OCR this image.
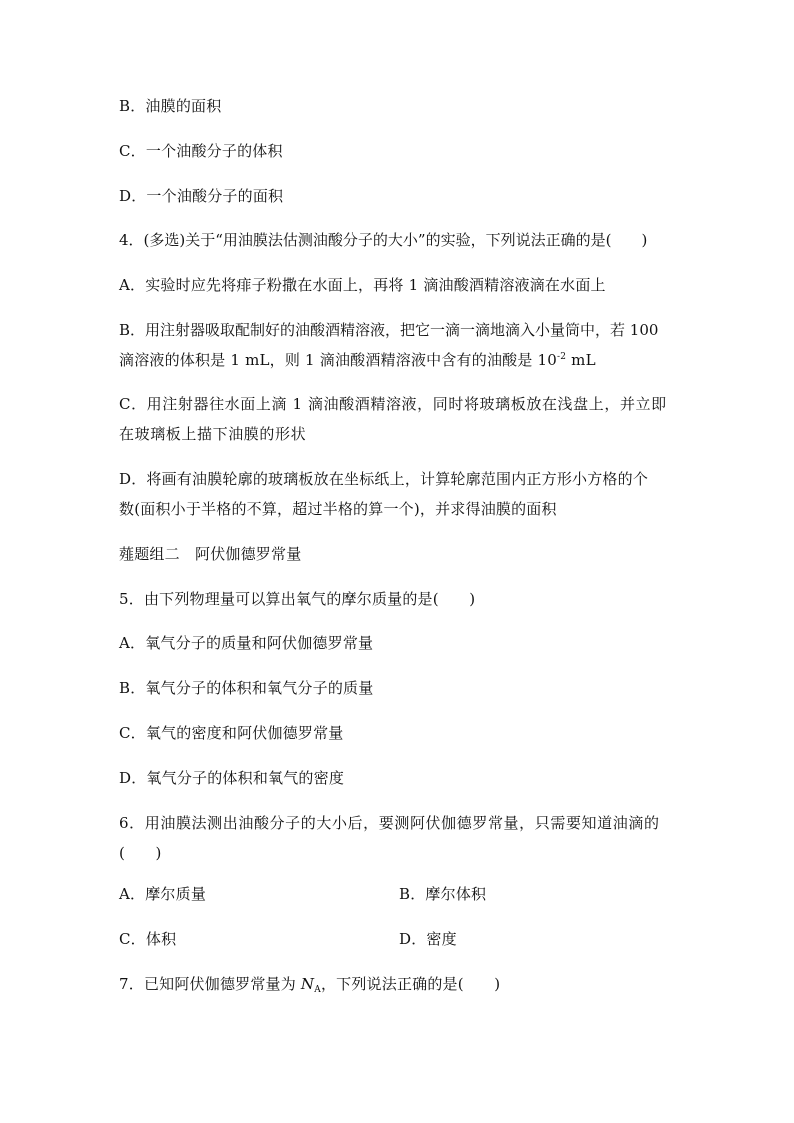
B．油膜的面积
C．一个油酸分子的体积
D．一个油酸分子的面积
4．(多选)关于“用油膜法估测油酸分子的大小”的实验，下列说法正确的是(　　)
A．实验时应先将痱子粉撒在水面上，再将 1 滴油酸酒精溶液滴在水面上
B．用注射器吸取配制好的油酸酒精溶液，把它一滴一滴地滴入小量筒中，若 100
滴溶液的体积是 1 mL，则 1 滴油酸酒精溶液中含有的油酸是 $10^{-2}$ mL
C．用注射器往水面上滴 1 滴油酸酒精溶液，同时将玻璃板放在浅盘上，并立即
在玻璃板上描下油膜的形状
D．将画有油膜轮廓的玻璃板放在坐标纸上，计算轮廓范围内正方形小方格的个
数(面积小于半格的不算，超过半格的算一个)，并求得油膜的面积
薤题组二　阿伏伽德罗常量
5．由下列物理量可以算出氧气的摩尔质量的是(　　)
A．氧气分子的质量和阿伏伽德罗常量
B．氧气分子的体积和氧气分子的质量
C．氧气的密度和阿伏伽德罗常量
D．氧气分子的体积和氧气的密度
6．用油膜法测出油酸分子的大小后，要测阿伏伽德罗常量，只需要知道油滴的
(　　)
A．摩尔质量	B．摩尔体积
C．体积	D．密度
7．已知阿伏伽德罗常量为 $N_A$，下列说法正确的是(　　)
